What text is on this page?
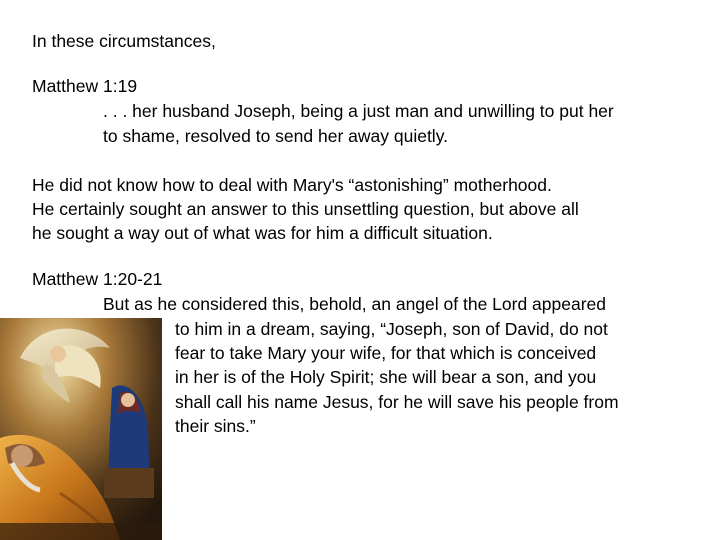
In these circumstances,
Matthew 1:19
. . . her husband Joseph, being a just man and unwilling to put her
to shame, resolved to send her away quietly.
He did not know how to deal with Mary's “astonishing” motherhood.
He certainly sought an answer to this unsettling question, but above all
he sought a way out of what was for him a difficult situation.
Matthew 1:20-21
But as he considered this, behold, an angel of the Lord appeared
to him in a dream, saying, “Joseph, son of David, do not
fear to take Mary your wife, for that which is conceived
in her is of the Holy Spirit; she will bear a son, and you
shall call his name Jesus, for he will save his people from
their sins.”
